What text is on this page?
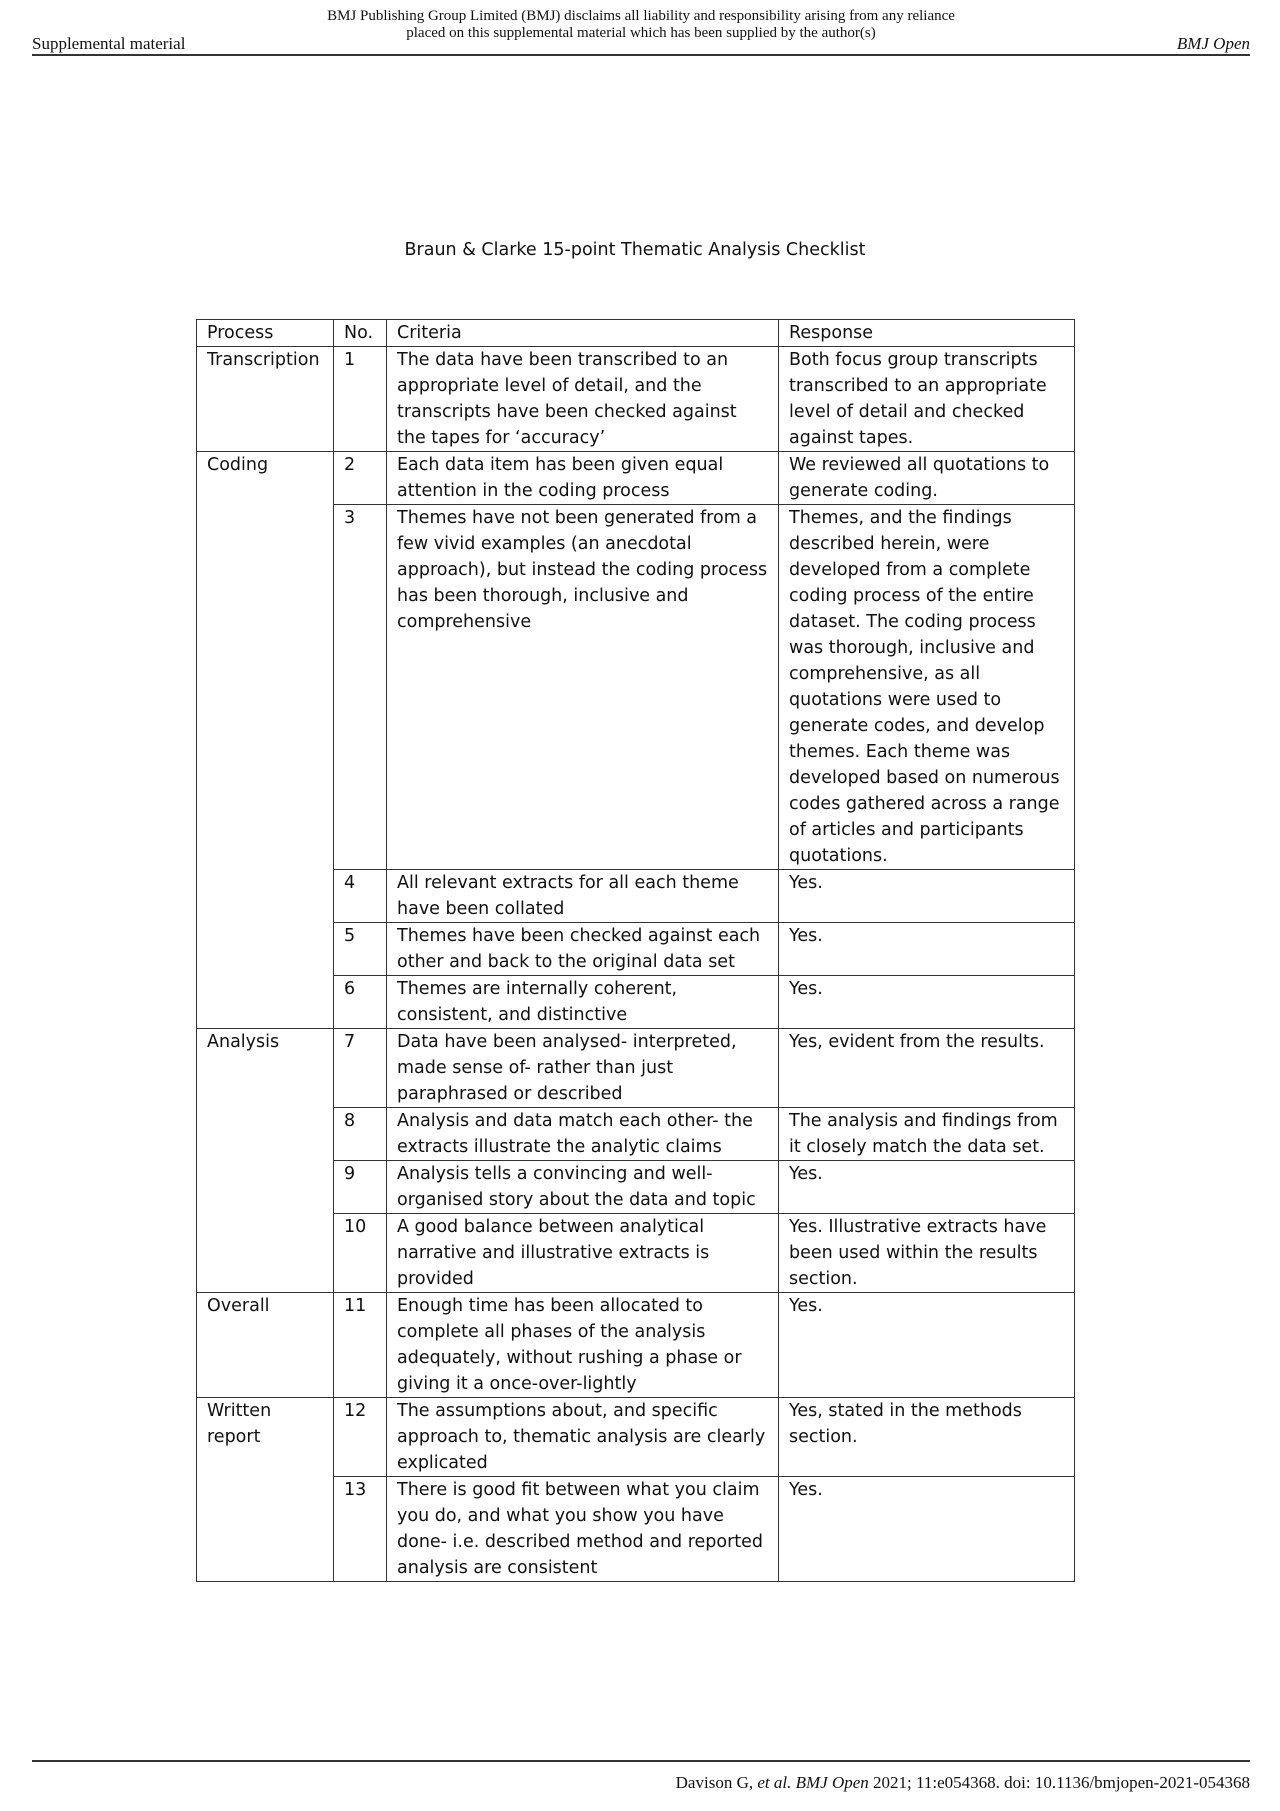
Supplemental material
BMJ Publishing Group Limited (BMJ) disclaims all liability and responsibility arising from any reliance
placed on this supplemental material which has been supplied by the author(s)
BMJ Open
Braun & Clarke 15-point Thematic Analysis Checklist
Process	No.	Criteria	Response
Transcription	1	The data have been transcribed to an appropriate level of detail, and the transcripts have been checked against the tapes for ‘accuracy’	Both focus group transcripts transcribed to an appropriate level of detail and checked against tapes.
Coding	2	Each data item has been given equal attention in the coding process	We reviewed all quotations to generate coding.
	3	Themes have not been generated from a few vivid examples (an anecdotal approach), but instead the coding process has been thorough, inclusive and comprehensive	Themes, and the findings described herein, were developed from a complete coding process of the entire dataset. The coding process was thorough, inclusive and comprehensive, as all quotations were used to generate codes, and develop themes. Each theme was developed based on numerous codes gathered across a range of articles and participants quotations.
	4	All relevant extracts for all each theme have been collated	Yes.
	5	Themes have been checked against each other and back to the original data set	Yes.
	6	Themes are internally coherent, consistent, and distinctive	Yes.
Analysis	7	Data have been analysed- interpreted, made sense of- rather than just paraphrased or described	Yes, evident from the results.
	8	Analysis and data match each other- the extracts illustrate the analytic claims	The analysis and findings from it closely match the data set.
	9	Analysis tells a convincing and well-organised story about the data and topic	Yes.
	10	A good balance between analytical narrative and illustrative extracts is provided	Yes. Illustrative extracts have been used within the results section.
Overall	11	Enough time has been allocated to complete all phases of the analysis adequately, without rushing a phase or giving it a once-over-lightly	Yes.
Written report	12	The assumptions about, and specific approach to, thematic analysis are clearly explicated	Yes, stated in the methods section.
	13	There is good fit between what you claim you do, and what you show you have done- i.e. described method and reported analysis are consistent	Yes.
Davison G, et al. BMJ Open 2021; 11:e054368. doi: 10.1136/bmjopen-2021-054368
